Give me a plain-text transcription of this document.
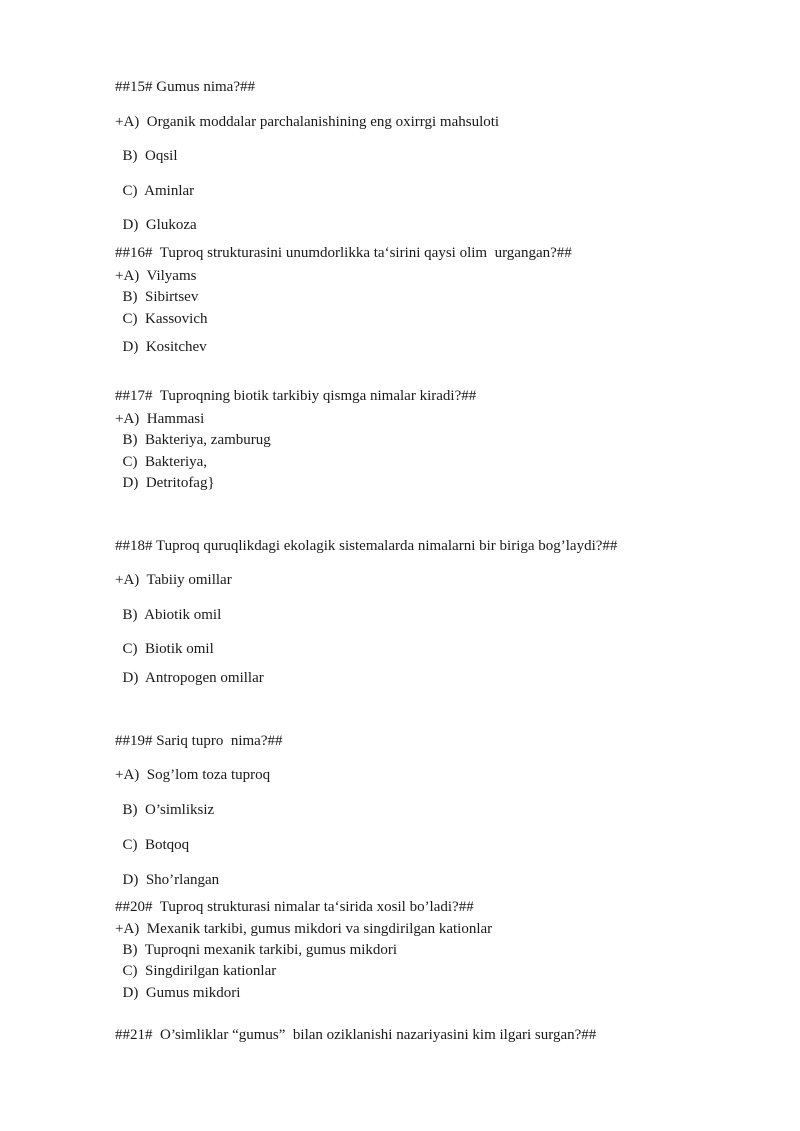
##15# Gumus nima?##
+A)  Organik moddalar parchalanishining eng oxirrgi mahsuloti
B)  Oqsil
C)  Aminlar
D)  Glukoza
##16#  Tuproq strukturasini unumdorlikka ta‘sirini qaysi olim  urgangan?##
+A)  Vilyams
B)  Sibirtsev
C)  Kassovich
D)  Kositchev
##17#  Tuproqning biotik tarkibiy qismga nimalar kiradi?##
+A)  Hammasi
B)  Bakteriya, zamburug
C)  Bakteriya,
D)  Detritofag}
##18# Tuproq quruqlikdagi ekolagik sistemalarda nimalarni bir biriga bog’laydi?##
+A)  Tabiiy omillar
B)  Abiotik omil
C)  Biotik omil
D)  Antropogen omillar
##19# Sariq tupro  nima?##
+A)  Sog’lom toza tuproq
B)  O’simliksiz
C)  Botqoq
D)  Sho’rlangan
##20#  Tuproq strukturasi nimalar ta‘sirida xosil bo’ladi?##
+A)  Mexanik tarkibi, gumus mikdori va singdirilgan kationlar
B)  Tuproqni mexanik tarkibi, gumus mikdori
C)  Singdirilgan kationlar
D)  Gumus mikdori
##21#  O’simliklar “gumus”  bilan oziklanishi nazariyasini kim ilgari surgan?##
